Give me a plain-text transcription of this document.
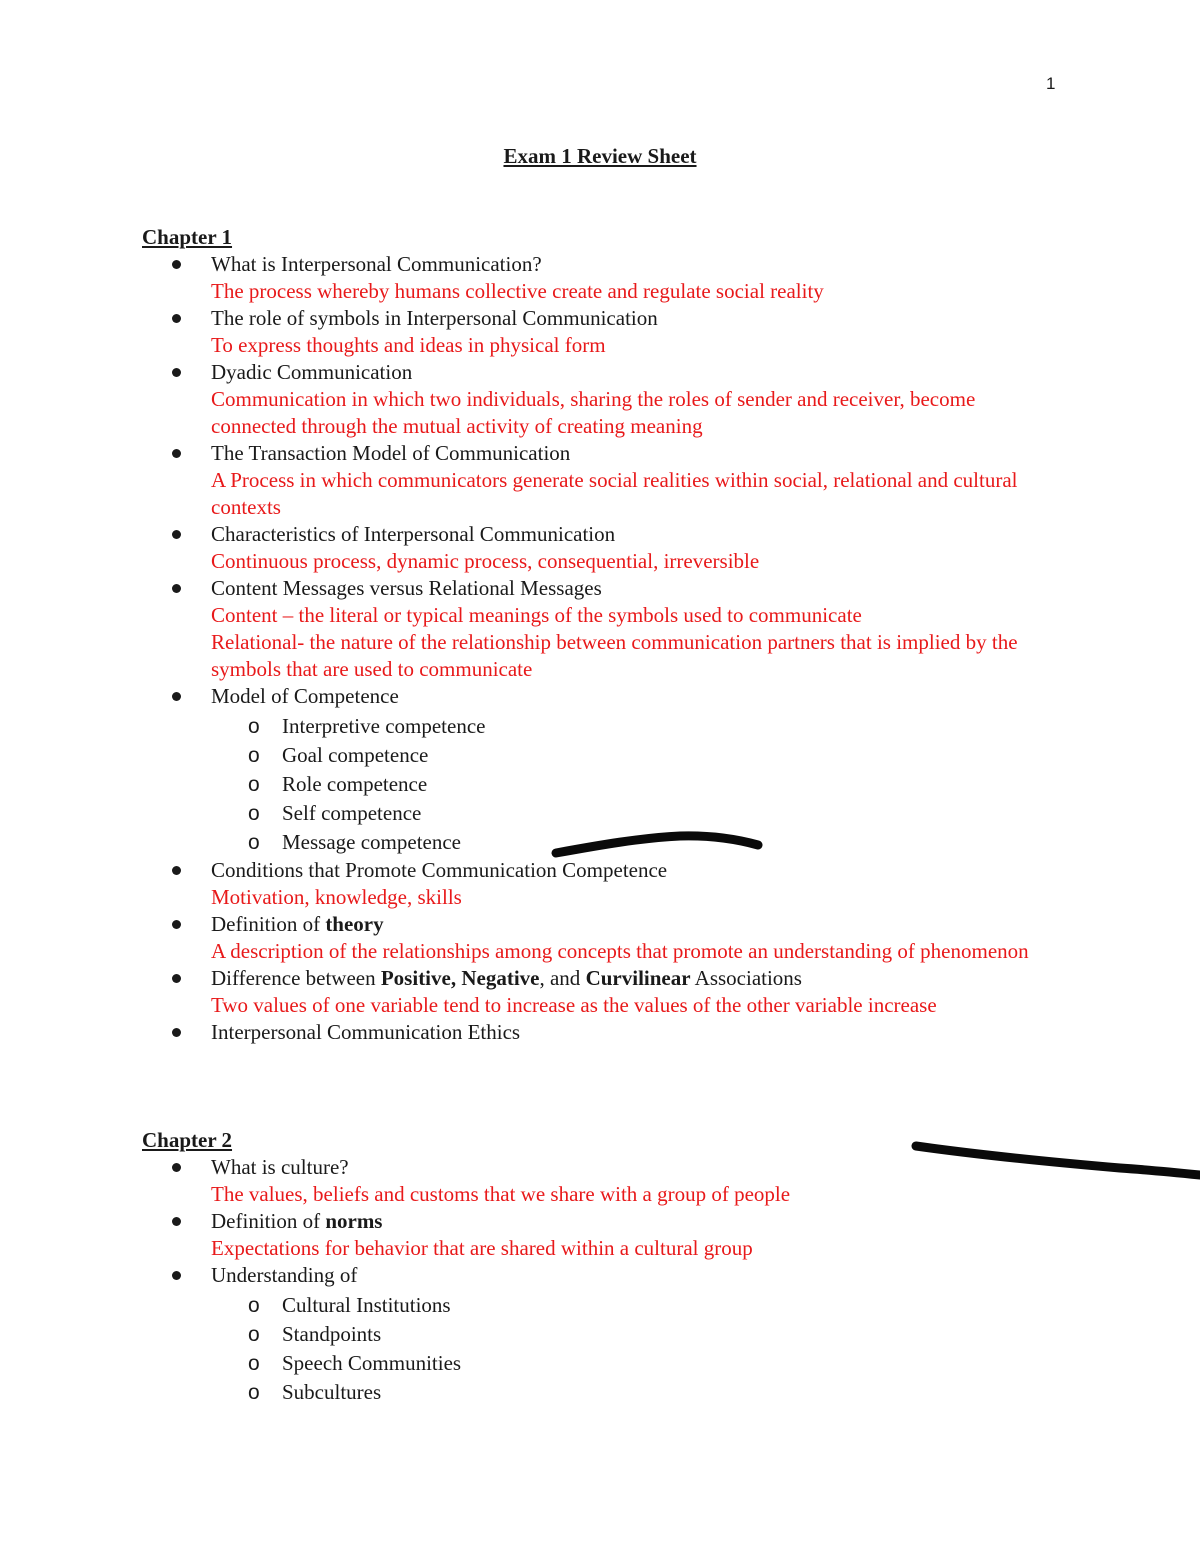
1
Exam 1 Review Sheet
Chapter 1
What is Interpersonal Communication?
The process whereby humans collective create and regulate social reality
The role of symbols in Interpersonal Communication
To express thoughts and ideas in physical form
Dyadic Communication
Communication in which two individuals, sharing the roles of sender and receiver, become connected through the mutual activity of creating meaning
The Transaction Model of Communication
A Process in which communicators generate social realities within social, relational and cultural contexts
Characteristics of Interpersonal Communication
Continuous process, dynamic process, consequential, irreversible
Content Messages versus Relational Messages
Content – the literal or typical meanings of the symbols used to communicate
Relational- the nature of the relationship between communication partners that is implied by the symbols that are used to communicate
Model of Competence
o Interpretive competence
o Goal competence
o Role competence
o Self competence
o Message competence
Conditions that Promote Communication Competence
Motivation, knowledge, skills
Definition of theory
A description of the relationships among concepts that promote an understanding of phenomenon
Difference between Positive, Negative, and Curvilinear Associations
Two values of one variable tend to increase as the values of the other variable increase
Interpersonal Communication Ethics
Chapter 2
What is culture?
The values, beliefs and customs that we share with a group of people
Definition of norms
Expectations for behavior that are shared within a cultural group
Understanding of
o Cultural Institutions
o Standpoints
o Speech Communities
o Subcultures
